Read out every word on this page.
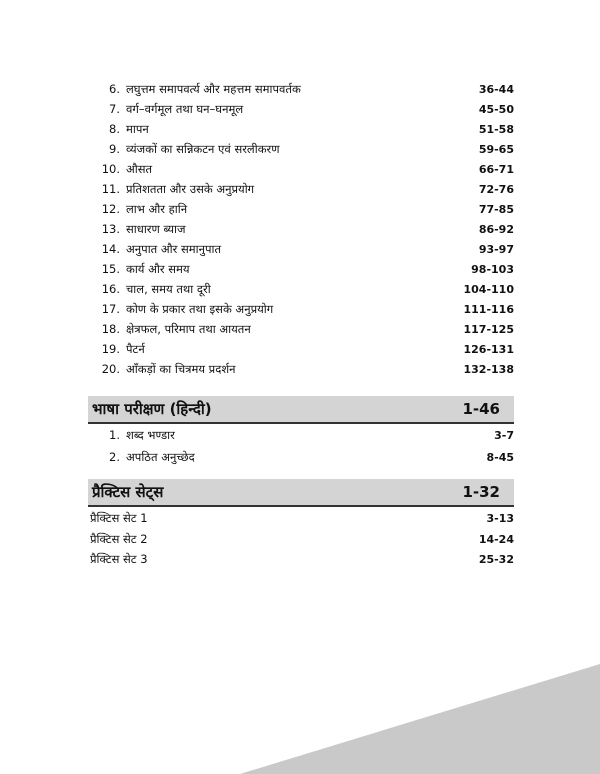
6. लघुत्तम समापवर्त्य और महत्तम समापवर्तक	36-44
7. वर्ग–वर्गमूल तथा घन–घनमूल	45-50
8. मापन	51-58
9. व्यंजकों का सन्निकटन एवं सरलीकरण	59-65
10. औसत	66-71
11. प्रतिशतता और उसके अनुप्रयोग	72-76
12. लाभ और हानि	77-85
13. साधारण ब्याज	86-92
14. अनुपात और समानुपात	93-97
15. कार्य और समय	98-103
16. चाल, समय तथा दूरी	104-110
17. कोण के प्रकार तथा इसके अनुप्रयोग	111-116
18. क्षेत्रफल, परिमाप तथा आयतन	117-125
19. पैटर्न	126-131
20. आँकड़ों का चित्रमय प्रदर्शन	132-138
भाषा परीक्षण (हिन्दी)	1-46
1. शब्द भण्डार	3-7
2. अपठित अनुच्छेद	8-45
प्रैक्टिस सेट्स	1-32
प्रैक्टिस सेट 1	3-13
प्रैक्टिस सेट 2	14-24
प्रैक्टिस सेट 3	25-32
